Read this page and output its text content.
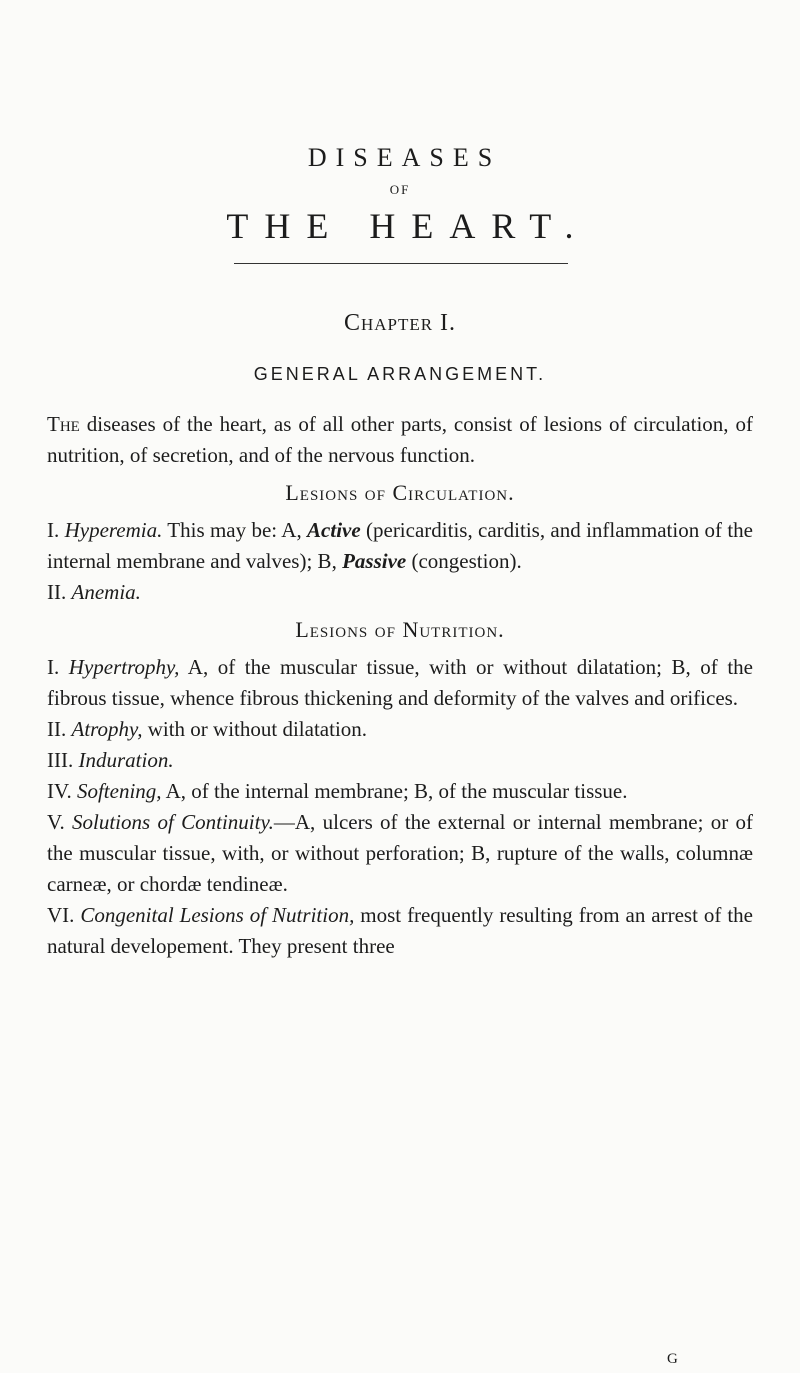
DISEASES
OF
THE HEART.
Chapter I.
GENERAL ARRANGEMENT.

The diseases of the heart, as of all other parts, consist of lesions of circulation, of nutrition, of secretion, and of the nervous function.

Lesions of Circulation.

I. Hyperemia. This may be: A, Active (pericarditis, carditis, and inflammation of the internal membrane and valves); B, Passive (congestion).

II. Anemia.

Lesions of Nutrition.

I. Hypertrophy, A, of the muscular tissue, with or without dilatation; B, of the fibrous tissue, whence fibrous thickening and deformity of the valves and orifices.

II. Atrophy, with or without dilatation.

III. Induration.

IV. Softening, A, of the internal membrane; B, of the muscular tissue.

V. Solutions of Continuity.—A, ulcers of the external or internal membrane; or of the muscular tissue, with, or without perforation; B, rupture of the walls, columnæ carneæ, or chordæ tendineæ.

VI. Congenital Lesions of Nutrition, most frequently resulting from an arrest of the natural developement. They present three

G
